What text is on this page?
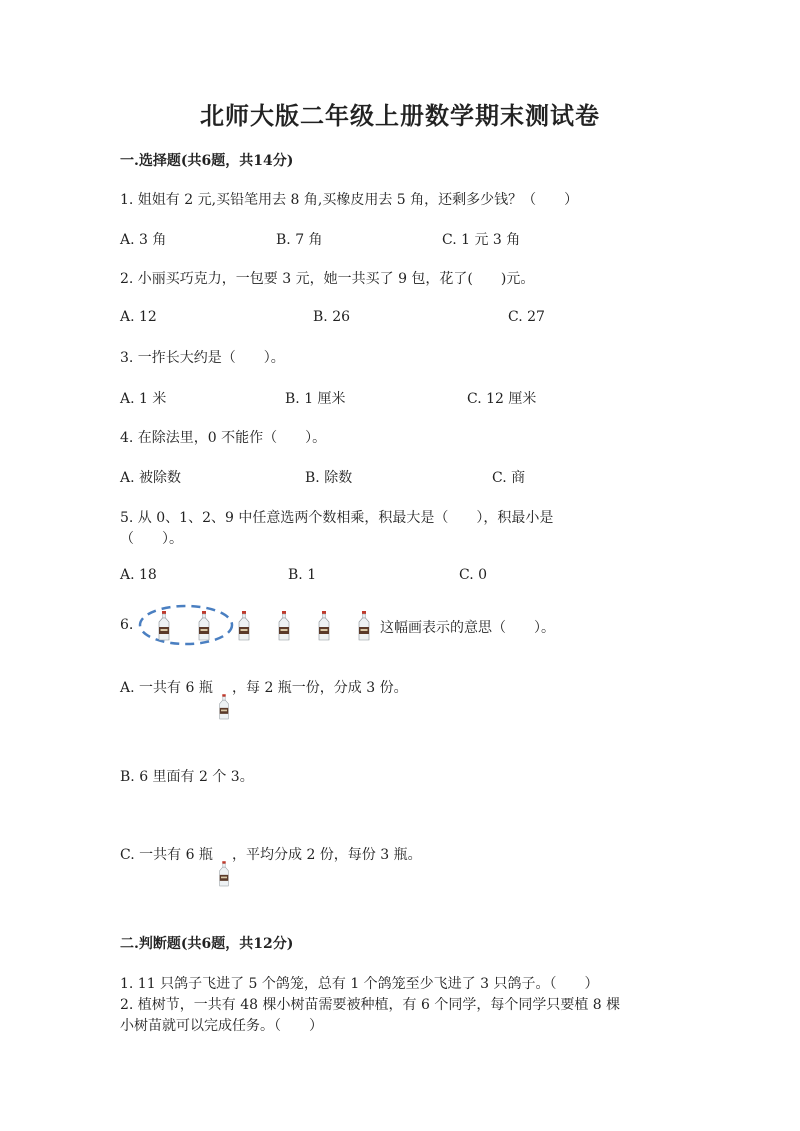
北师大版二年级上册数学期末测试卷
一.选择题(共6题，共14分)
1. 姐姐有 2 元,买铅笔用去 8 角,买橡皮用去 5 角，还剩多少钱？（　　）
A. 3 角	B. 7 角	C. 1 元 3 角
2. 小丽买巧克力，一包要 3 元，她一共买了 9 包，花了(　　)元。
A. 12	B. 26	C. 27
3. 一拃长大约是（　　）。
A. 1 米	B. 1 厘米	C. 12 厘米
4. 在除法里，0 不能作（　　）。
A. 被除数	B. 除数	C. 商
5. 从 0、1、2、9 中任意选两个数相乘，积最大是（　　），积最小是
（　　）。
A. 18	B. 1	C. 0
6.	这幅画表示的意思（　　）。
A. 一共有 6 瓶 ，每 2 瓶一份，分成 3 份。
B. 6 里面有 2 个 3。
C. 一共有 6 瓶 ，平均分成 2 份，每份 3 瓶。
二.判断题(共6题，共12分)
1. 11 只鸽子飞进了 5 个鸽笼，总有 1 个鸽笼至少飞进了 3 只鸽子。（　　）
2. 植树节，一共有 48 棵小树苗需要被种植，有 6 个同学，每个同学只要植 8 棵
小树苗就可以完成任务。（　　）
